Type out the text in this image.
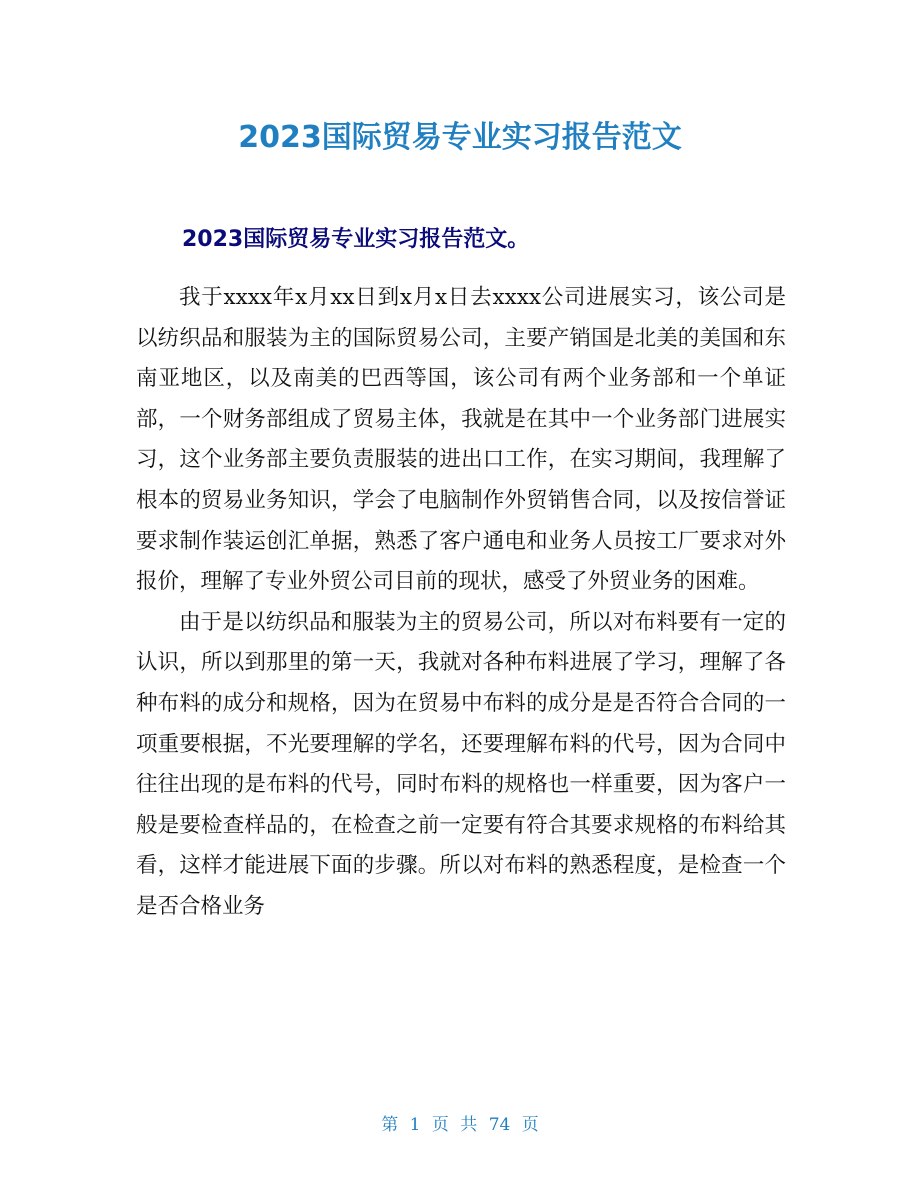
2023国际贸易专业实习报告范文
2023国际贸易专业实习报告范文。

我于xxxx年x月xx日到x月x日去xxxx公司进展实习，该公司是以纺织品和服装为主的国际贸易公司，主要产销国是北美的美国和东南亚地区，以及南美的巴西等国，该公司有两个业务部和一个单证部，一个财务部组成了贸易主体，我就是在其中一个业务部门进展实习，这个业务部主要负责服装的进出口工作，在实习期间，我理解了根本的贸易业务知识，学会了电脑制作外贸销售合同，以及按信誉证要求制作装运创汇单据，熟悉了客户通电和业务人员按工厂要求对外报价，理解了专业外贸公司目前的现状，感受了外贸业务的困难。

由于是以纺织品和服装为主的贸易公司，所以对布料要有一定的认识，所以到那里的第一天，我就对各种布料进展了学习，理解了各种布料的成分和规格，因为在贸易中布料的成分是是否符合合同的一项重要根据，不光要理解的学名，还要理解布料的代号，因为合同中往往出现的是布料的代号，同时布料的规格也一样重要，因为客户一般是要检查样品的，在检查之前一定要有符合其要求规格的布料给其看，这样才能进展下面的步骤。所以对布料的熟悉程度，是检查一个是否合格业务

第 1 页 共 74 页
